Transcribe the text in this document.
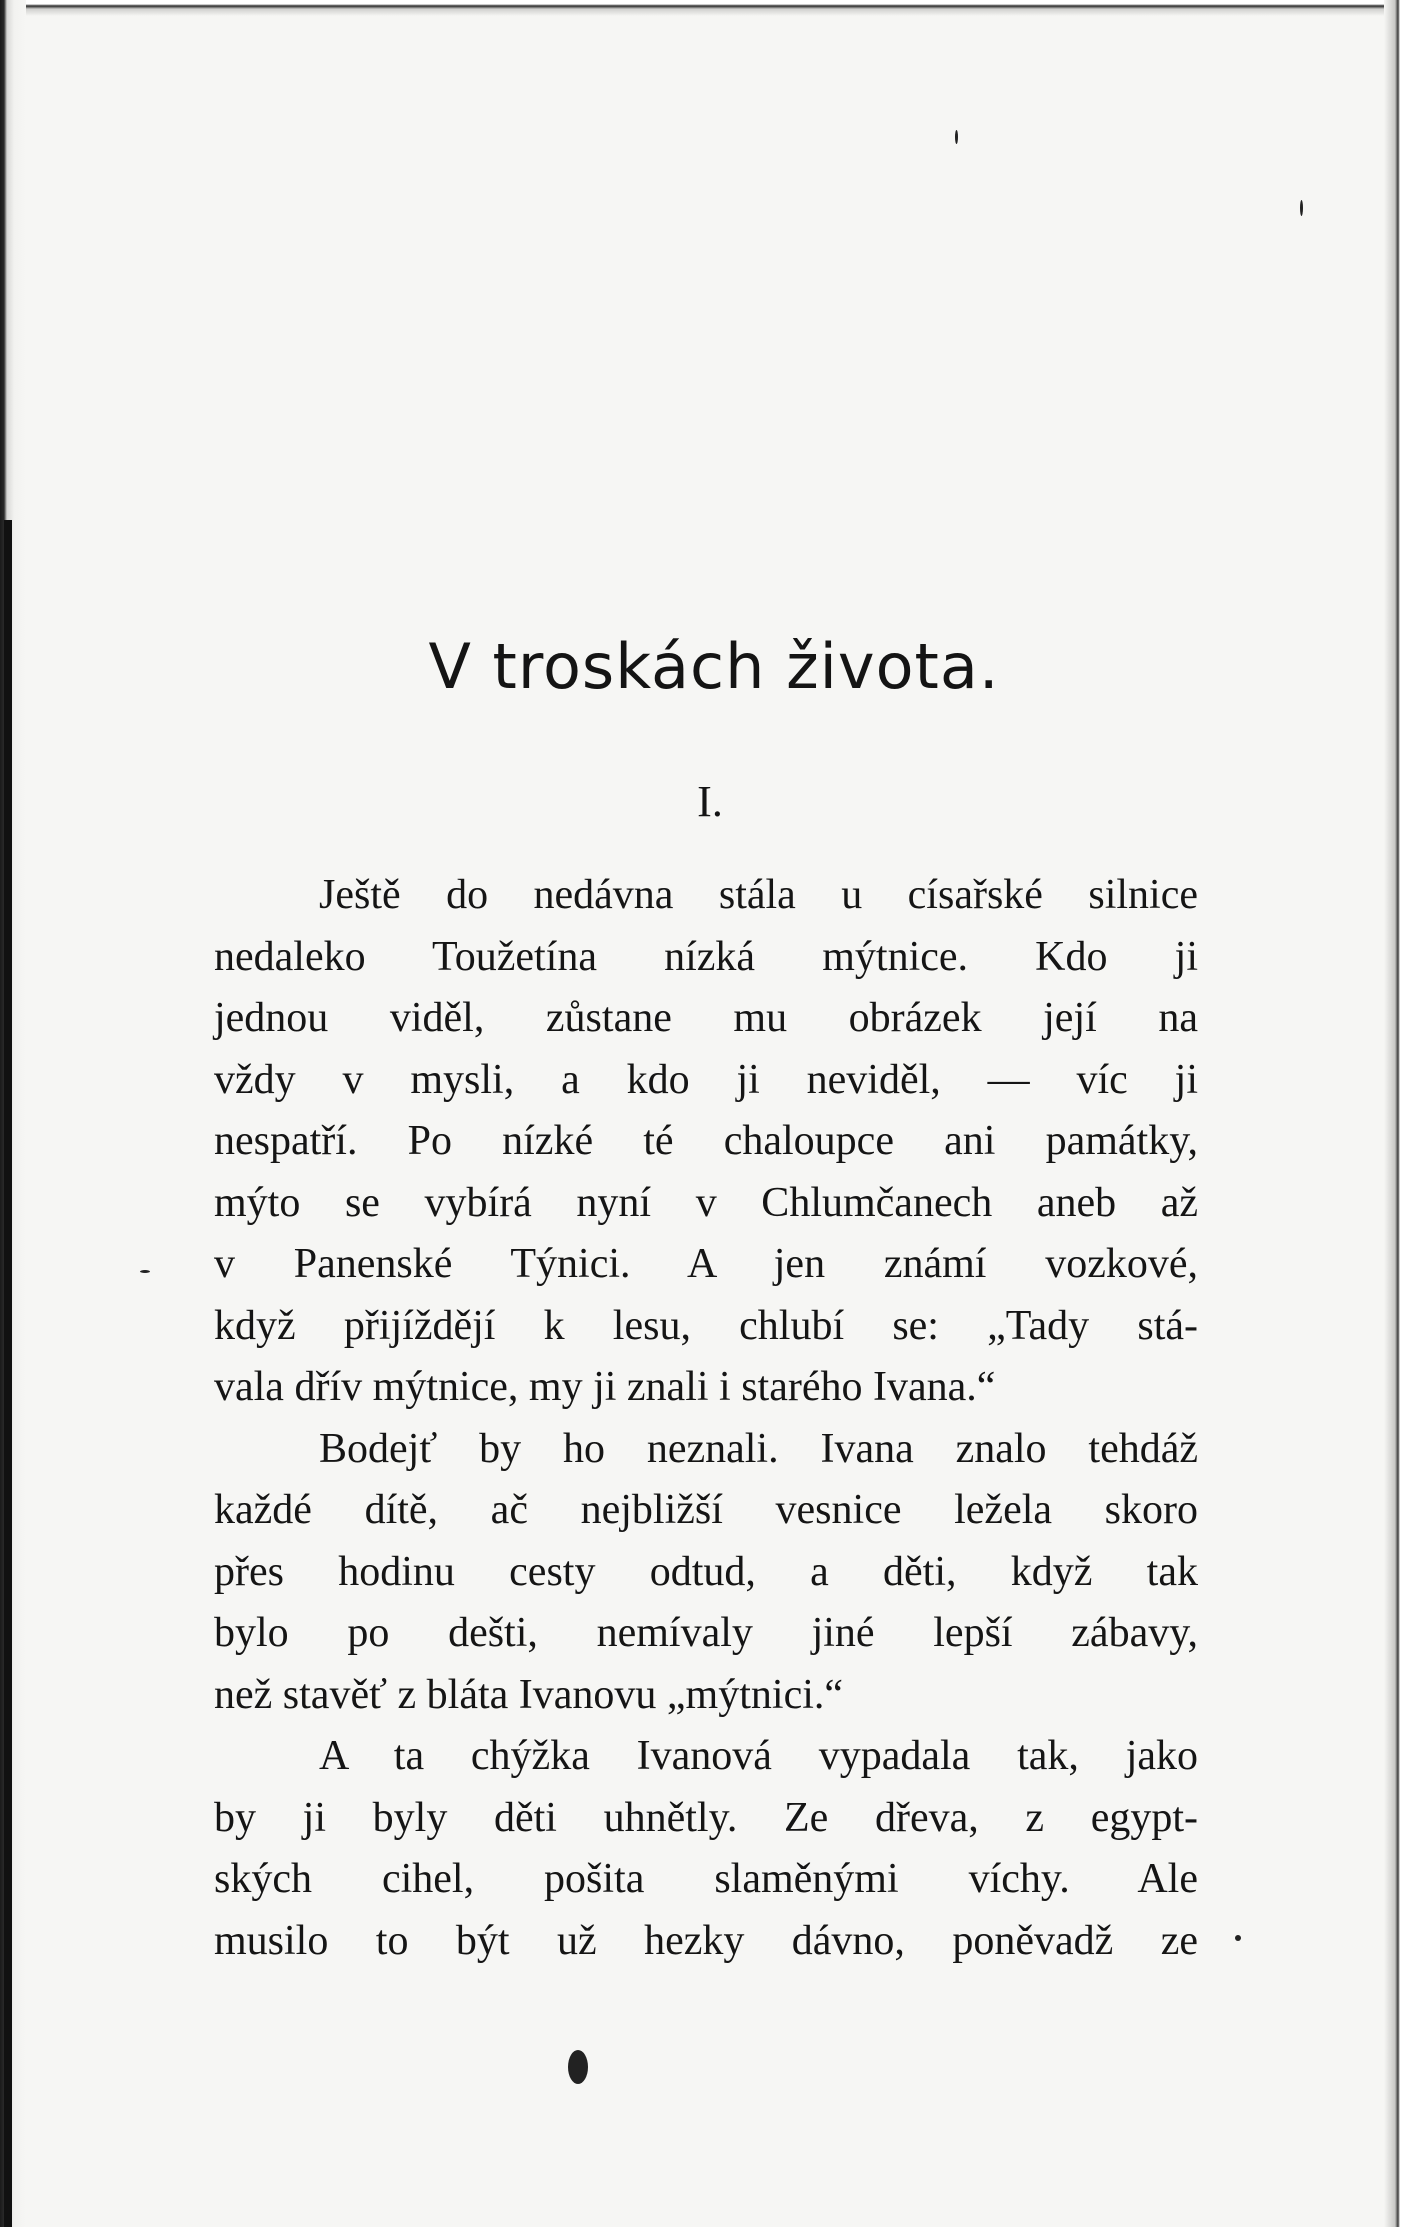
V troskách života.
I.
Ještě do nedávna stála u císařské silnice
nedaleko Toužetína nízká mýtnice. Kdo ji
jednou viděl, zůstane mu obrázek její na
vždy v mysli, a kdo ji neviděl, — víc ji
nespatří. Po nízké té chaloupce ani památky,
mýto se vybírá nyní v Chlumčanech aneb až
v Panenské Týnici. A jen známí vozkové,
když přijíždějí k lesu, chlubí se: „Tady stá-
vala dřív mýtnice, my ji znali i starého Ivana.“
Bodejť by ho neznali. Ivana znalo tehdáž
každé dítě, ač nejbližší vesnice ležela skoro
přes hodinu cesty odtud, a děti, když tak
bylo po dešti, nemívaly jiné lepší zábavy,
než stavěť z bláta Ivanovu „mýtnici.“
A ta chýžka Ivanová vypadala tak, jako
by ji byly děti uhnětly. Ze dřeva, z egypt-
ských cihel, pošita slaměnými víchy. Ale
musilo to být už hezky dávno, poněvadž ze
